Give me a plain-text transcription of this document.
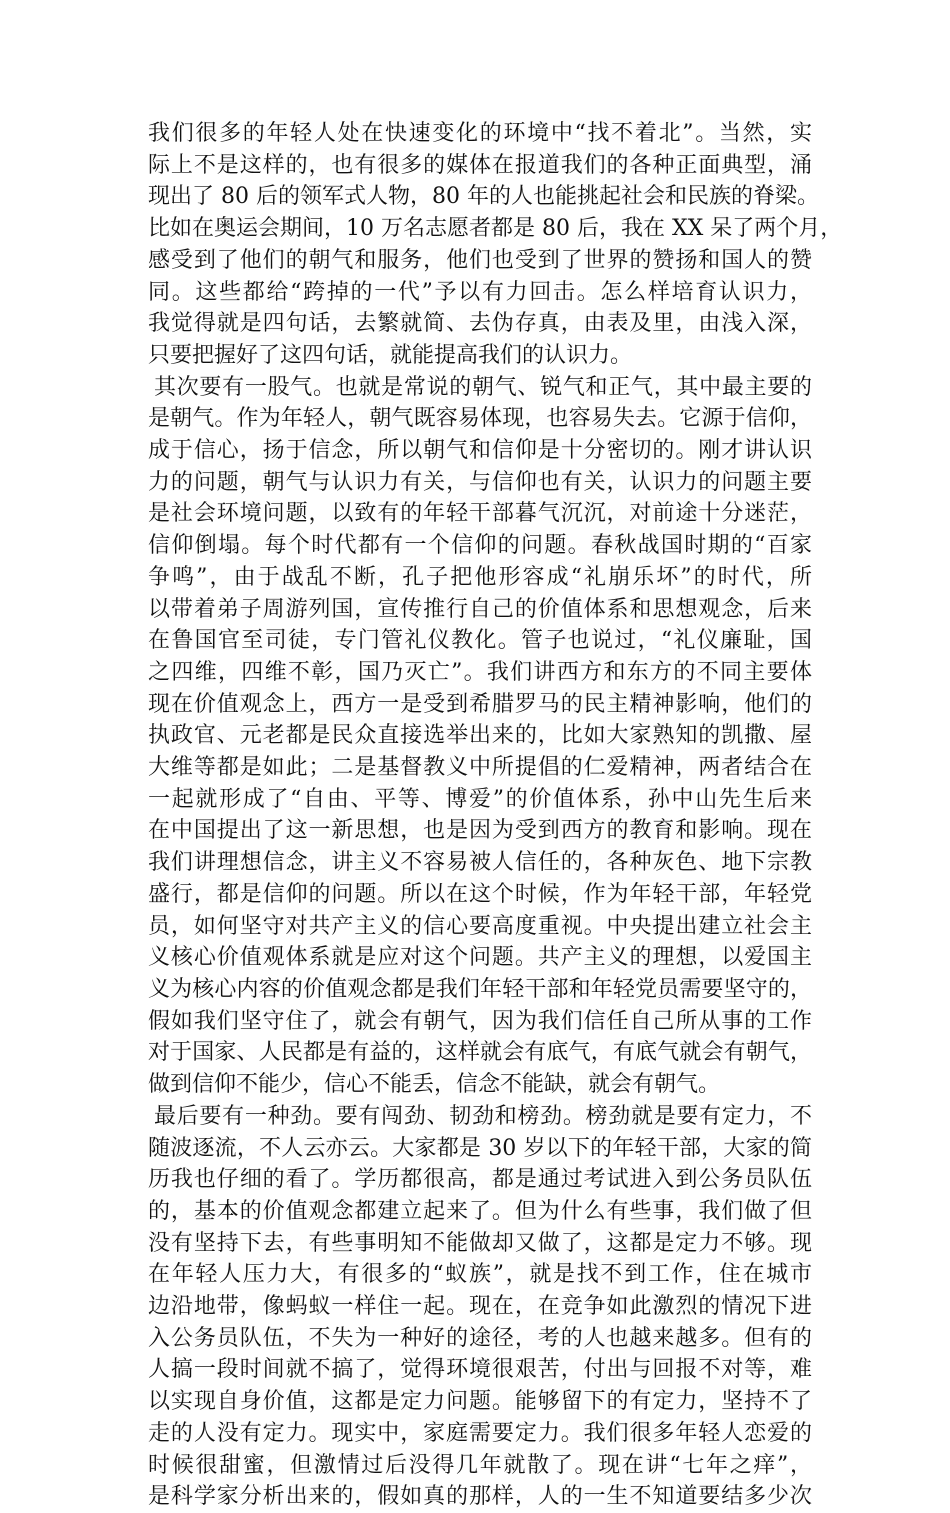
我们很多的年轻人处在快速变化的环境中“找不着北”。当然，实
际上不是这样的，也有很多的媒体在报道我们的各种正面典型，涌
现出了 80 后的领军式人物，80 年的人也能挑起社会和民族的脊梁。
比如在奥运会期间，10 万名志愿者都是 80 后，我在 XX 呆了两个月，
感受到了他们的朝气和服务，他们也受到了世界的赞扬和国人的赞
同。这些都给“跨掉的一代”予以有力回击。怎么样培育认识力，
我觉得就是四句话，去繁就简、去伪存真，由表及里，由浅入深，
只要把握好了这四句话，就能提高我们的认识力。
其次要有一股气。也就是常说的朝气、锐气和正气，其中最主要的
是朝气。作为年轻人，朝气既容易体现，也容易失去。它源于信仰，
成于信心，扬于信念，所以朝气和信仰是十分密切的。刚才讲认识
力的问题，朝气与认识力有关，与信仰也有关，认识力的问题主要
是社会环境问题，以致有的年轻干部暮气沉沉，对前途十分迷茫，
信仰倒塌。每个时代都有一个信仰的问题。春秋战国时期的“百家
争鸣”，由于战乱不断，孔子把他形容成“礼崩乐坏”的时代，所
以带着弟子周游列国，宣传推行自己的价值体系和思想观念，后来
在鲁国官至司徒，专门管礼仪教化。管子也说过，“礼仪廉耻，国
之四维，四维不彰，国乃灭亡”。我们讲西方和东方的不同主要体
现在价值观念上，西方一是受到希腊罗马的民主精神影响，他们的
执政官、元老都是民众直接选举出来的，比如大家熟知的凯撒、屋
大维等都是如此；二是基督教义中所提倡的仁爱精神，两者结合在
一起就形成了“自由、平等、博爱”的价值体系，孙中山先生后来
在中国提出了这一新思想，也是因为受到西方的教育和影响。现在
我们讲理想信念，讲主义不容易被人信任的，各种灰色、地下宗教
盛行，都是信仰的问题。所以在这个时候，作为年轻干部，年轻党
员，如何坚守对共产主义的信心要高度重视。中央提出建立社会主
义核心价值观体系就是应对这个问题。共产主义的理想，以爱国主
义为核心内容的价值观念都是我们年轻干部和年轻党员需要坚守的，
假如我们坚守住了，就会有朝气，因为我们信任自己所从事的工作
对于国家、人民都是有益的，这样就会有底气，有底气就会有朝气，
做到信仰不能少，信心不能丢，信念不能缺，就会有朝气。
最后要有一种劲。要有闯劲、韧劲和榜劲。榜劲就是要有定力，不
随波逐流，不人云亦云。大家都是 30 岁以下的年轻干部，大家的简
历我也仔细的看了。学历都很高，都是通过考试进入到公务员队伍
的，基本的价值观念都建立起来了。但为什么有些事，我们做了但
没有坚持下去，有些事明知不能做却又做了，这都是定力不够。现
在年轻人压力大，有很多的“蚁族”，就是找不到工作，住在城市
边沿地带，像蚂蚁一样住一起。现在，在竞争如此激烈的情况下进
入公务员队伍，不失为一种好的途径，考的人也越来越多。但有的
人搞一段时间就不搞了，觉得环境很艰苦，付出与回报不对等，难
以实现自身价值，这都是定力问题。能够留下的有定力，坚持不了
走的人没有定力。现实中，家庭需要定力。我们很多年轻人恋爱的
时候很甜蜜，但激情过后没得几年就散了。现在讲“七年之痒”，
是科学家分析出来的，假如真的那样，人的一生不知道要结多少次
